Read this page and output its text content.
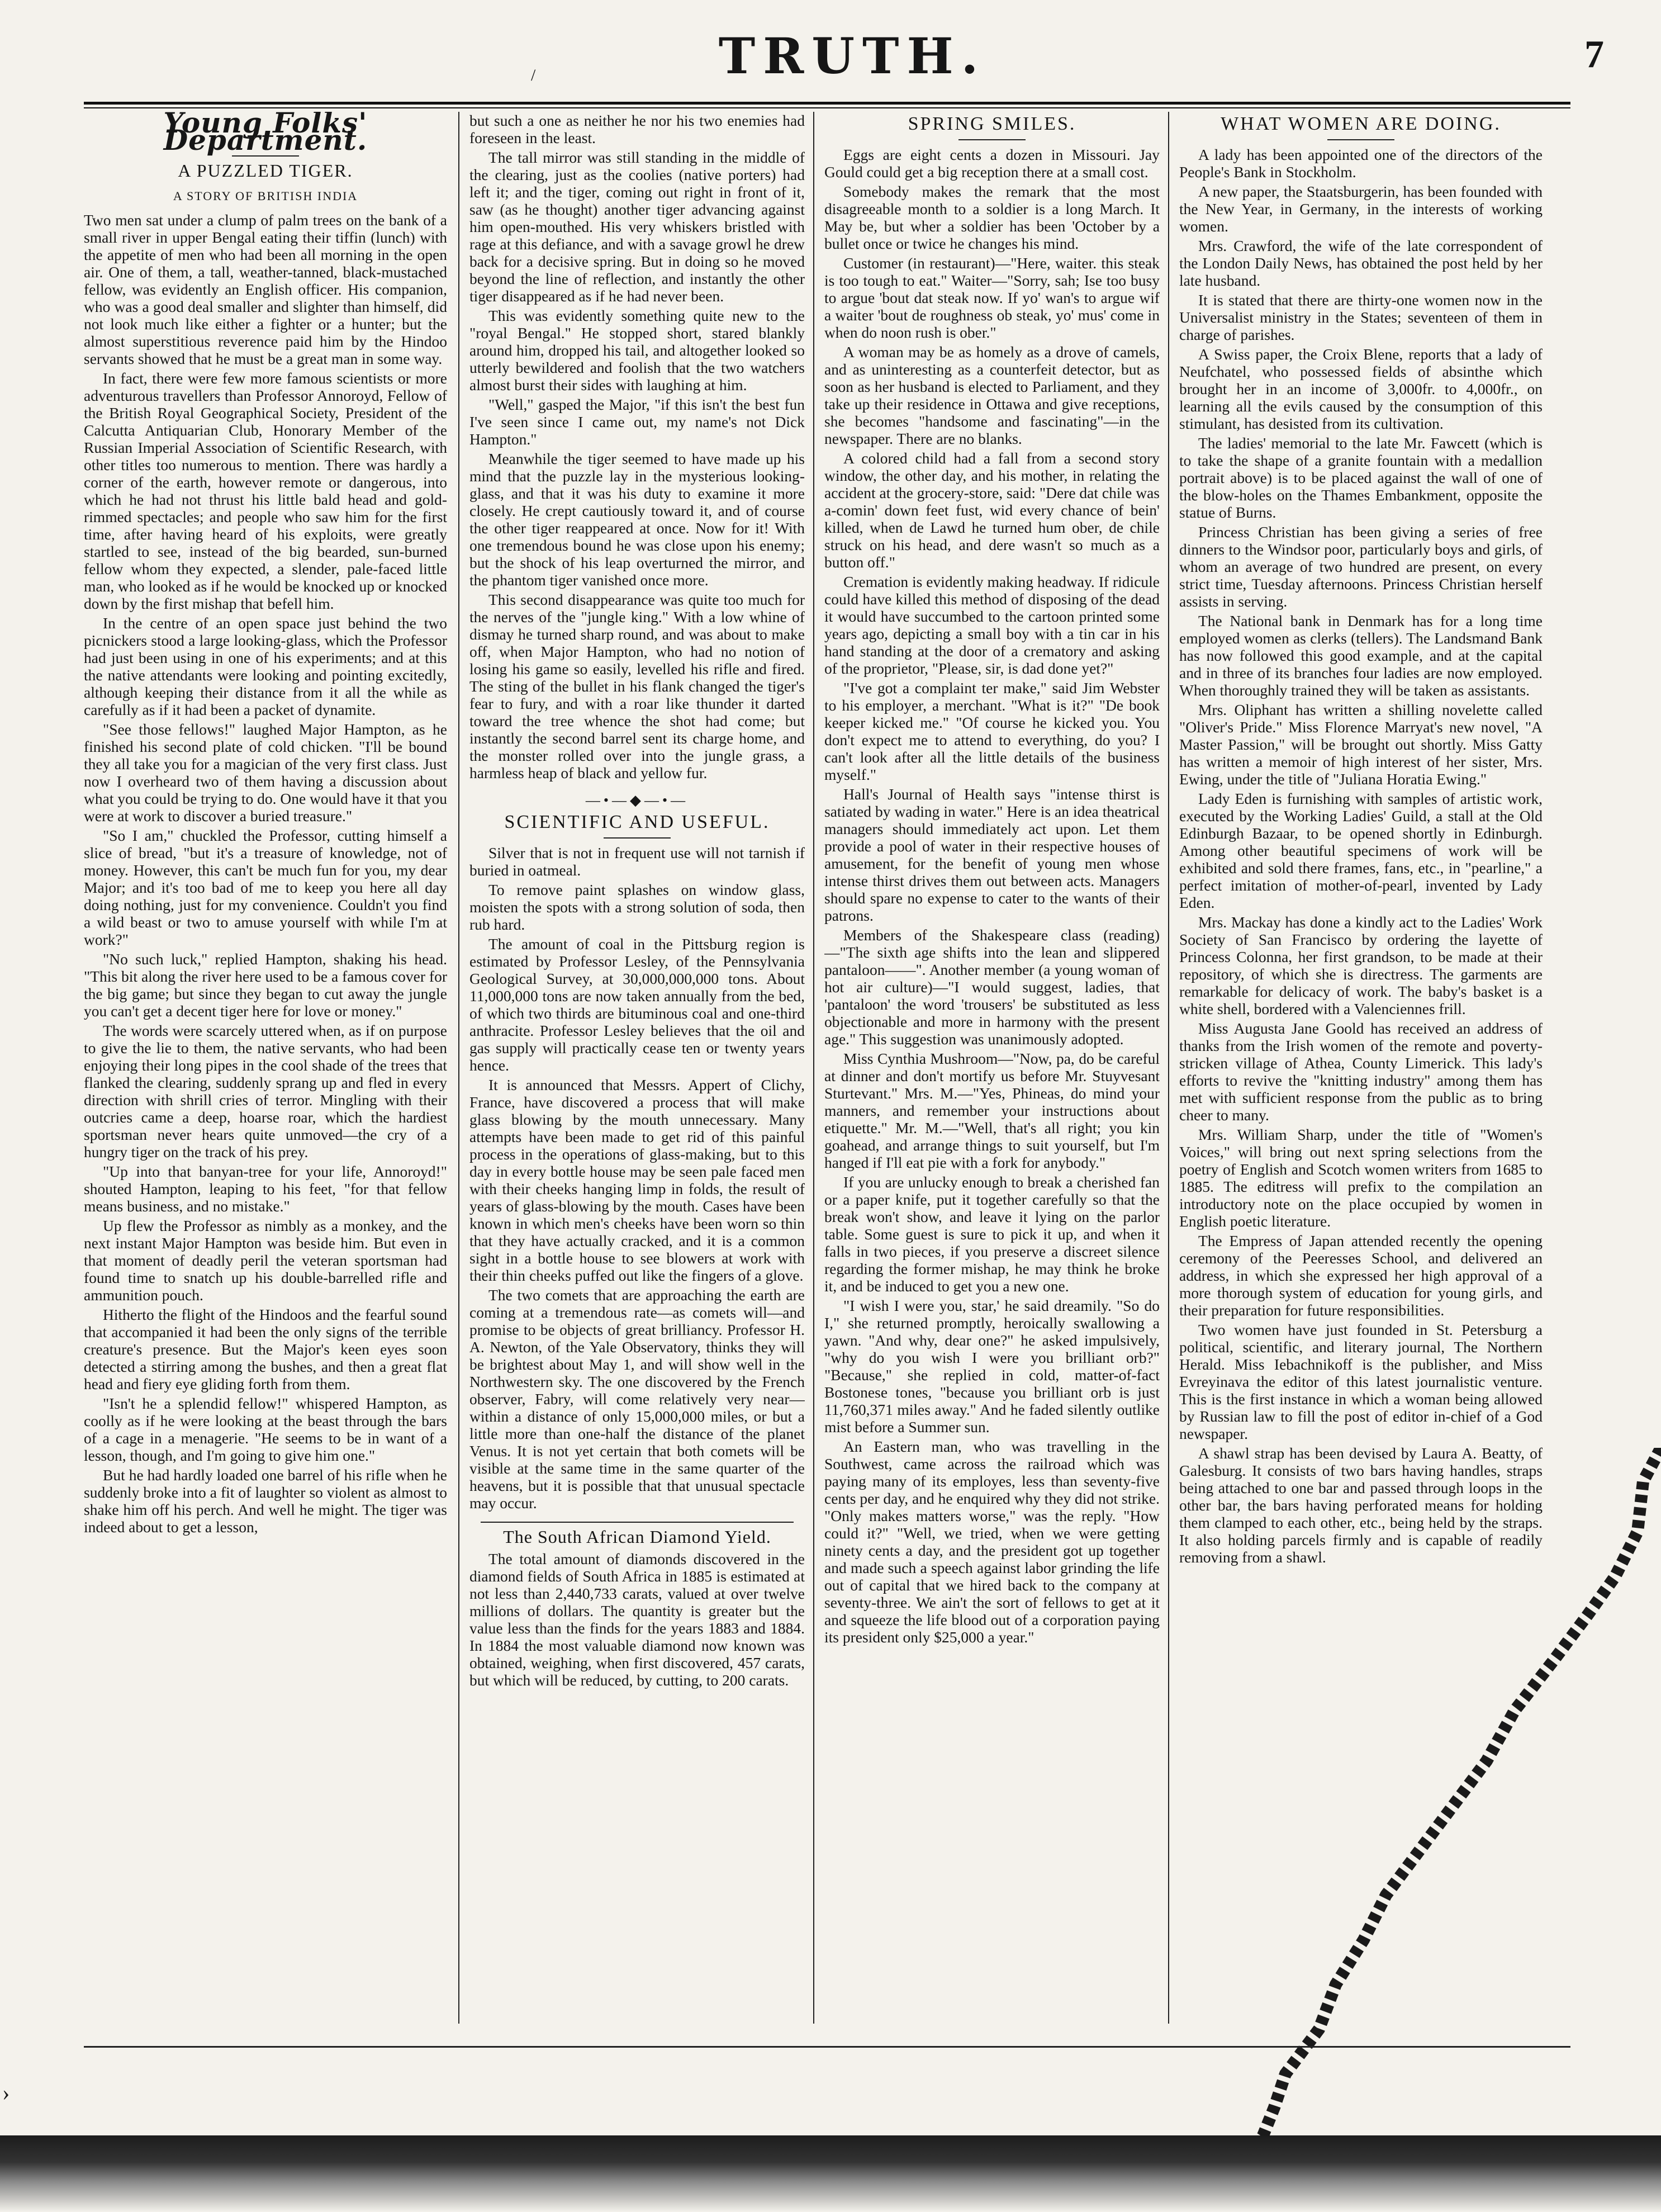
/	TRUTH.	7
Young Folks' Department.
A PUZZLED TIGER.
A STORY OF BRITISH INDIA

Two men sat under a clump of palm trees on the bank of a small river in upper Bengal eating their tiffin (lunch) with the appetite of men who had been all morning in the open air. One of them, a tall, weather-tanned, black-mustached fellow, was evidently an English officer. His companion, who was a good deal smaller and slighter than himself, did not look much like either a fighter or a hunter; but the almost superstitious reverence paid him by the Hindoo servants showed that he must be a great man in some way.

In fact, there were few more famous scientists or more adventurous travellers than Professor Annoroyd, Fellow of the British Royal Geographical Society, President of the Calcutta Antiquarian Club, Honorary Member of the Russian Imperial Association of Scientific Research, with other titles too numerous to mention. There was hardly a corner of the earth, however remote or dangerous, into which he had not thrust his little bald head and gold-rimmed spectacles; and people who saw him for the first time, after having heard of his exploits, were greatly startled to see, instead of the big bearded, sun-burned fellow whom they expected, a slender, pale-faced little man, who looked as if he would be knocked up or knocked down by the first mishap that befell him.

In the centre of an open space just behind the two picnickers stood a large looking-glass, which the Professor had just been using in one of his experiments; and at this the native attendants were looking and pointing excitedly, although keeping their distance from it all the while as carefully as if it had been a packet of dynamite.

"See those fellows!" laughed Major Hampton, as he finished his second plate of cold chicken. "I'll be bound they all take you for a magician of the very first class. Just now I overheard two of them having a discussion about what you could be trying to do. One would have it that you were at work to discover a buried treasure."

"So I am," chuckled the Professor, cutting himself a slice of bread, "but it's a treasure of knowledge, not of money. However, this can't be much fun for you, my dear Major; and it's too bad of me to keep you here all day doing nothing, just for my convenience. Couldn't you find a wild beast or two to amuse yourself with while I'm at work?"

"No such luck," replied Hampton, shaking his head. "This bit along the river here used to be a famous cover for the big game; but since they began to cut away the jungle you can't get a decent tiger here for love or money."

The words were scarcely uttered when, as if on purpose to give the lie to them, the native servants, who had been enjoying their long pipes in the cool shade of the trees that flanked the clearing, suddenly sprang up and fled in every direction with shrill cries of terror. Mingling with their outcries came a deep, hoarse roar, which the hardiest sportsman never hears quite unmoved—the cry of a hungry tiger on the track of his prey.

"Up into that banyan-tree for your life, Annoroyd!" shouted Hampton, leaping to his feet, "for that fellow means business, and no mistake."

Up flew the Professor as nimbly as a monkey, and the next instant Major Hampton was beside him. But even in that moment of deadly peril the veteran sportsman had found time to snatch up his double-barrelled rifle and ammunition pouch.

Hitherto the flight of the Hindoos and the fearful sound that accompanied it had been the only signs of the terrible creature's presence. But the Major's keen eyes soon detected a stirring among the bushes, and then a great flat head and fiery eye gliding forth from them.

"Isn't he a splendid fellow!" whispered Hampton, as coolly as if he were looking at the beast through the bars of a cage in a menagerie. "He seems to be in want of a lesson, though, and I'm going to give him one."

But he had hardly loaded one barrel of his rifle when he suddenly broke into a fit of laughter so violent as almost to shake him off his perch. And well he might. The tiger was indeed about to get a lesson,

but such a one as neither he nor his two enemies had foreseen in the least.

The tall mirror was still standing in the middle of the clearing, just as the coolies (native porters) had left it; and the tiger, coming out right in front of it, saw (as he thought) another tiger advancing against him open-mouthed. His very whiskers bristled with rage at this defiance, and with a savage growl he drew back for a decisive spring. But in doing so he moved beyond the line of reflection, and instantly the other tiger disappeared as if he had never been.

This was evidently something quite new to the "royal Bengal." He stopped short, stared blankly around him, dropped his tail, and altogether looked so utterly bewildered and foolish that the two watchers almost burst their sides with laughing at him.

"Well," gasped the Major, "if this isn't the best fun I've seen since I came out, my name's not Dick Hampton."

Meanwhile the tiger seemed to have made up his mind that the puzzle lay in the mysterious looking-glass, and that it was his duty to examine it more closely. He crept cautiously toward it, and of course the other tiger reappeared at once. Now for it! With one tremendous bound he was close upon his enemy; but the shock of his leap overturned the mirror, and the phantom tiger vanished once more.

This second disappearance was quite too much for the nerves of the "jungle king." With a low whine of dismay he turned sharp round, and was about to make off, when Major Hampton, who had no notion of losing his game so easily, levelled his rifle and fired. The sting of the bullet in his flank changed the tiger's fear to fury, and with a roar like thunder it darted toward the tree whence the shot had come; but instantly the second barrel sent its charge home, and the monster rolled over into the jungle grass, a harmless heap of black and yellow fur.

—•—◆—•—
SCIENTIFIC AND USEFUL.

Silver that is not in frequent use will not tarnish if buried in oatmeal.

To remove paint splashes on window glass, moisten the spots with a strong solution of soda, then rub hard.

The amount of coal in the Pittsburg region is estimated by Professor Lesley, of the Pennsylvania Geological Survey, at 30,000,000,000 tons. About 11,000,000 tons are now taken annually from the bed, of which two thirds are bituminous coal and one-third anthracite. Professor Lesley believes that the oil and gas supply will practically cease ten or twenty years hence.

It is announced that Messrs. Appert of Clichy, France, have discovered a process that will make glass blowing by the mouth unnecessary. Many attempts have been made to get rid of this painful process in the operations of glass-making, but to this day in every bottle house may be seen pale faced men with their cheeks hanging limp in folds, the result of years of glass-blowing by the mouth. Cases have been known in which men's cheeks have been worn so thin that they have actually cracked, and it is a common sight in a bottle house to see blowers at work with their thin cheeks puffed out like the fingers of a glove.

The two comets that are approaching the earth are coming at a tremendous rate—as comets will—and promise to be objects of great brilliancy. Professor H. A. Newton, of the Yale Observatory, thinks they will be brightest about May 1, and will show well in the Northwestern sky. The one discovered by the French observer, Fabry, will come relatively very near—within a distance of only 15,000,000 miles, or but a little more than one-half the distance of the planet Venus. It is not yet certain that both comets will be visible at the same time in the same quarter of the heavens, but it is possible that that unusual spectacle may occur.

The South African Diamond Yield.

The total amount of diamonds discovered in the diamond fields of South Africa in 1885 is estimated at not less than 2,440,733 carats, valued at over twelve millions of dollars. The quantity is greater but the value less than the finds for the years 1883 and 1884. In 1884 the most valuable diamond now known was obtained, weighing, when first discovered, 457 carats, but which will be reduced, by cutting, to 200 carats.

SPRING SMILES.

Eggs are eight cents a dozen in Missouri. Jay Gould could get a big reception there at a small cost.

Somebody makes the remark that the most disagreeable month to a soldier is a long March. It May be, but wher a soldier has been 'October by a bullet once or twice he changes his mind.

Customer (in restaurant)—"Here, waiter. this steak is too tough to eat." Waiter—"Sorry, sah; Ise too busy to argue 'bout dat steak now. If yo' wan's to argue wif a waiter 'bout de roughness ob steak, yo' mus' come in when do noon rush is ober."

A woman may be as homely as a drove of camels, and as uninteresting as a counterfeit detector, but as soon as her husband is elected to Parliament, and they take up their residence in Ottawa and give receptions, she becomes "handsome and fascinating"—in the newspaper. There are no blanks.

A colored child had a fall from a second story window, the other day, and his mother, in relating the accident at the grocery-store, said: "Dere dat chile was a-comin' down feet fust, wid every chance of bein' killed, when de Lawd he turned hum ober, de chile struck on his head, and dere wasn't so much as a button off."

Cremation is evidently making headway. If ridicule could have killed this method of disposing of the dead it would have succumbed to the cartoon printed some years ago, depicting a small boy with a tin car in his hand standing at the door of a crematory and asking of the proprietor, "Please, sir, is dad done yet?"

"I've got a complaint ter make," said Jim Webster to his employer, a merchant. "What is it?" "De book keeper kicked me." "Of course he kicked you. You don't expect me to attend to everything, do you? I can't look after all the little details of the business myself."

Hall's Journal of Health says "intense thirst is satiated by wading in water." Here is an idea theatrical managers should immediately act upon. Let them provide a pool of water in their respective houses of amusement, for the benefit of young men whose intense thirst drives them out between acts. Managers should spare no expense to cater to the wants of their patrons.

Members of the Shakespeare class (reading)—"The sixth age shifts into the lean and slippered pantaloon——". Another member (a young woman of hot air culture)—"I would suggest, ladies, that 'pantaloon' the word 'trousers' be substituted as less objectionable and more in harmony with the present age." This suggestion was unanimously adopted.

Miss Cynthia Mushroom—"Now, pa, do be careful at dinner and don't mortify us before Mr. Stuyvesant Sturtevant." Mrs. M.—"Yes, Phineas, do mind your manners, and remember your instructions about etiquette." Mr. M.—"Well, that's all right; you kin goahead, and arrange things to suit yourself, but I'm hanged if I'll eat pie with a fork for anybody."

If you are unlucky enough to break a cherished fan or a paper knife, put it together carefully so that the break won't show, and leave it lying on the parlor table. Some guest is sure to pick it up, and when it falls in two pieces, if you preserve a discreet silence regarding the former mishap, he may think he broke it, and be induced to get you a new one.

"I wish I were you, star,' he said dreamily. "So do I," she returned promptly, heroically swallowing a yawn. "And why, dear one?" he asked impulsively, "why do you wish I were you brilliant orb?" "Because," she replied in cold, matter-of-fact Bostonese tones, "because you brilliant orb is just 11,760,371 miles away." And he faded silently outlike mist before a Summer sun.

An Eastern man, who was travelling in the Southwest, came across the railroad which was paying many of its employes, less than seventy-five cents per day, and he enquired why they did not strike. "Only makes matters worse," was the reply. "How could it?" "Well, we tried, when we were getting ninety cents a day, and the president got up together and made such a speech against labor grinding the life out of capital that we hired back to the company at seventy-three. We ain't the sort of fellows to get at it and squeeze the life blood out of a corporation paying its president only $25,000 a year."

WHAT WOMEN ARE DOING.

A lady has been appointed one of the directors of the People's Bank in Stockholm.

A new paper, the Staatsburgerin, has been founded with the New Year, in Germany, in the interests of working women.

Mrs. Crawford, the wife of the late correspondent of the London Daily News, has obtained the post held by her late husband.

It is stated that there are thirty-one women now in the Universalist ministry in the States; seventeen of them in charge of parishes.

A Swiss paper, the Croix Blene, reports that a lady of Neufchatel, who possessed fields of absinthe which brought her in an income of 3,000fr. to 4,000fr., on learning all the evils caused by the consumption of this stimulant, has desisted from its cultivation.

The ladies' memorial to the late Mr. Fawcett (which is to take the shape of a granite fountain with a medallion portrait above) is to be placed against the wall of one of the blow-holes on the Thames Embankment, opposite the statue of Burns.

Princess Christian has been giving a series of free dinners to the Windsor poor, particularly boys and girls, of whom an average of two hundred are present, on every strict time, Tuesday afternoons. Princess Christian herself assists in serving.

The National bank in Denmark has for a long time employed women as clerks (tellers). The Landsmand Bank has now followed this good example, and at the capital and in three of its branches four ladies are now employed. When thoroughly trained they will be taken as assistants.

Mrs. Oliphant has written a shilling novelette called "Oliver's Pride." Miss Florence Marryat's new novel, "A Master Passion," will be brought out shortly. Miss Gatty has written a memoir of high interest of her sister, Mrs. Ewing, under the title of "Juliana Horatia Ewing."

Lady Eden is furnishing with samples of artistic work, executed by the Working Ladies' Guild, a stall at the Old Edinburgh Bazaar, to be opened shortly in Edinburgh. Among other beautiful specimens of work will be exhibited and sold there frames, fans, etc., in "pearline," a perfect imitation of mother-of-pearl, invented by Lady Eden.

Mrs. Mackay has done a kindly act to the Ladies' Work Society of San Francisco by ordering the layette of Princess Colonna, her first grandson, to be made at their repository, of which she is directress. The garments are remarkable for delicacy of work. The baby's basket is a white shell, bordered with a Valenciennes frill.

Miss Augusta Jane Goold has received an address of thanks from the Irish women of the remote and poverty-stricken village of Athea, County Limerick. This lady's efforts to revive the "knitting industry" among them has met with sufficient response from the public as to bring cheer to many.

Mrs. William Sharp, under the title of "Women's Voices," will bring out next spring selections from the poetry of English and Scotch women writers from 1685 to 1885. The editress will prefix to the compilation an introductory note on the place occupied by women in English poetic literature.

The Empress of Japan attended recently the opening ceremony of the Peeresses School, and delivered an address, in which she expressed her high approval of a more thorough system of education for young girls, and their preparation for future responsibilities.

Two women have just founded in St. Petersburg a political, scientific, and literary journal, The Northern Herald. Miss Iebachnikoff is the publisher, and Miss Evreyinava the editor of this latest journalistic venture. This is the first instance in which a woman being allowed by Russian law to fill the post of editor in-chief of a God newspaper.

A shawl strap has been devised by Laura A. Beatty, of Galesburg. It consists of two bars having handles, straps being attached to one bar and passed through loops in the other bar, the bars having perforated means for holding them clamped to each other, etc., being held by the straps. It also holding parcels firmly and is capable of readily removing from a shawl.

›
